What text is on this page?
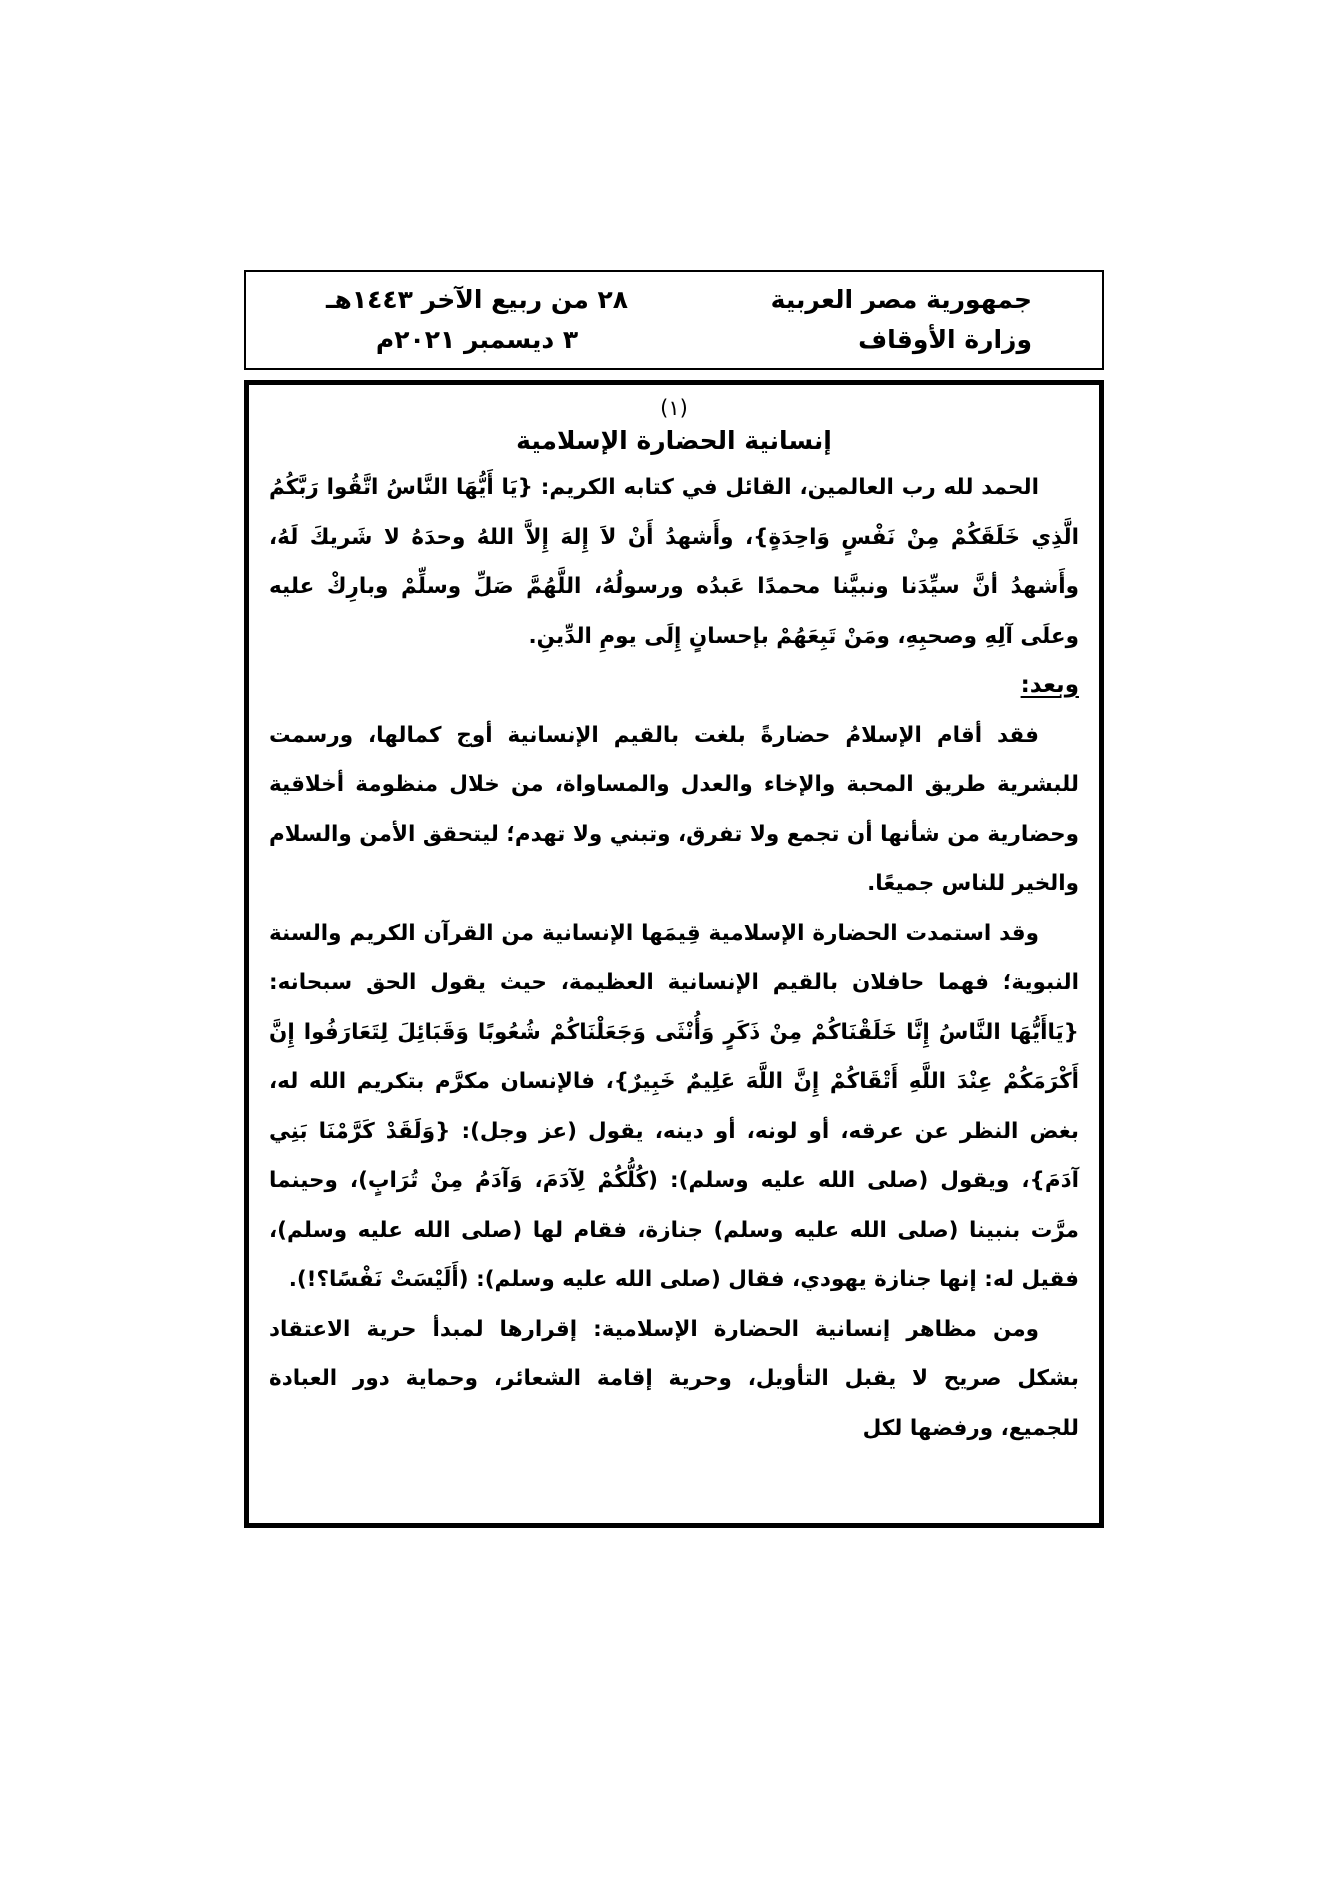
جمهورية مصر العربية
وزارة الأوقاف
٢٨ من ربيع الآخر ١٤٤٣هـ
٣ ديسمبر ٢٠٢١م
(١)
إنسانية الحضارة الإسلامية

الحمد لله رب العالمين، القائل في كتابه الكريم: {يَا أَيُّهَا النَّاسُ اتَّقُوا رَبَّكُمُ الَّذِي خَلَقَكُمْ مِنْ نَفْسٍ وَاحِدَةٍ}، وأَشهدُ أَنْ لاَ إِلهَ إِلاَّ اللهُ وحدَهُ لا شَريكَ لَهُ، وأَشهدُ أنَّ سيِّدَنا ونبيَّنا محمدًا عَبدُه ورسولُهُ، اللَّهُمَّ صَلِّ وسلِّمْ وبارِكْ عليه وعلَى آلِهِ وصحبِهِ، ومَنْ تَبِعَهُمْ بإحسانٍ إِلَى يومِ الدِّينِ.

وبعد:

فقد أقام الإسلامُ حضارةً بلغت بالقيم الإنسانية أوج كمالها، ورسمت للبشرية طريق المحبة والإخاء والعدل والمساواة، من خلال منظومة أخلاقية وحضارية من شأنها أن تجمع ولا تفرق، وتبني ولا تهدم؛ ليتحقق الأمن والسلام والخير للناس جميعًا.

وقد استمدت الحضارة الإسلامية قِيمَها الإنسانية من القرآن الكريم والسنة النبوية؛ فهما حافلان بالقيم الإنسانية العظيمة، حيث يقول الحق سبحانه: {يَاأَيُّهَا النَّاسُ إِنَّا خَلَقْنَاكُمْ مِنْ ذَكَرٍ وَأُنْثَى وَجَعَلْنَاكُمْ شُعُوبًا وَقَبَائِلَ لِتَعَارَفُوا إِنَّ أَكْرَمَكُمْ عِنْدَ اللَّهِ أَتْقَاكُمْ إِنَّ اللَّهَ عَلِيمٌ خَبِيرٌ}، فالإنسان مكرَّم بتكريم الله له، بغض النظر عن عرقه، أو لونه، أو دينه، يقول (عز وجل): {وَلَقَدْ كَرَّمْنَا بَنِي آدَمَ}، ويقول (صلى الله عليه وسلم): (كُلُّكُمْ لِآدَمَ، وَآدَمُ مِنْ تُرَابٍ)، وحينما مرَّت بنبينا (صلى الله عليه وسلم) جنازة، فقام لها (صلى الله عليه وسلم)، فقيل له: إنها جنازة يهودي، فقال (صلى الله عليه وسلم): (أَلَيْسَتْ نَفْسًا؟!).

ومن مظاهر إنسانية الحضارة الإسلامية: إقرارها لمبدأ حرية الاعتقاد بشكل صريح لا يقبل التأويل، وحرية إقامة الشعائر، وحماية دور العبادة للجميع، ورفضها لكل
